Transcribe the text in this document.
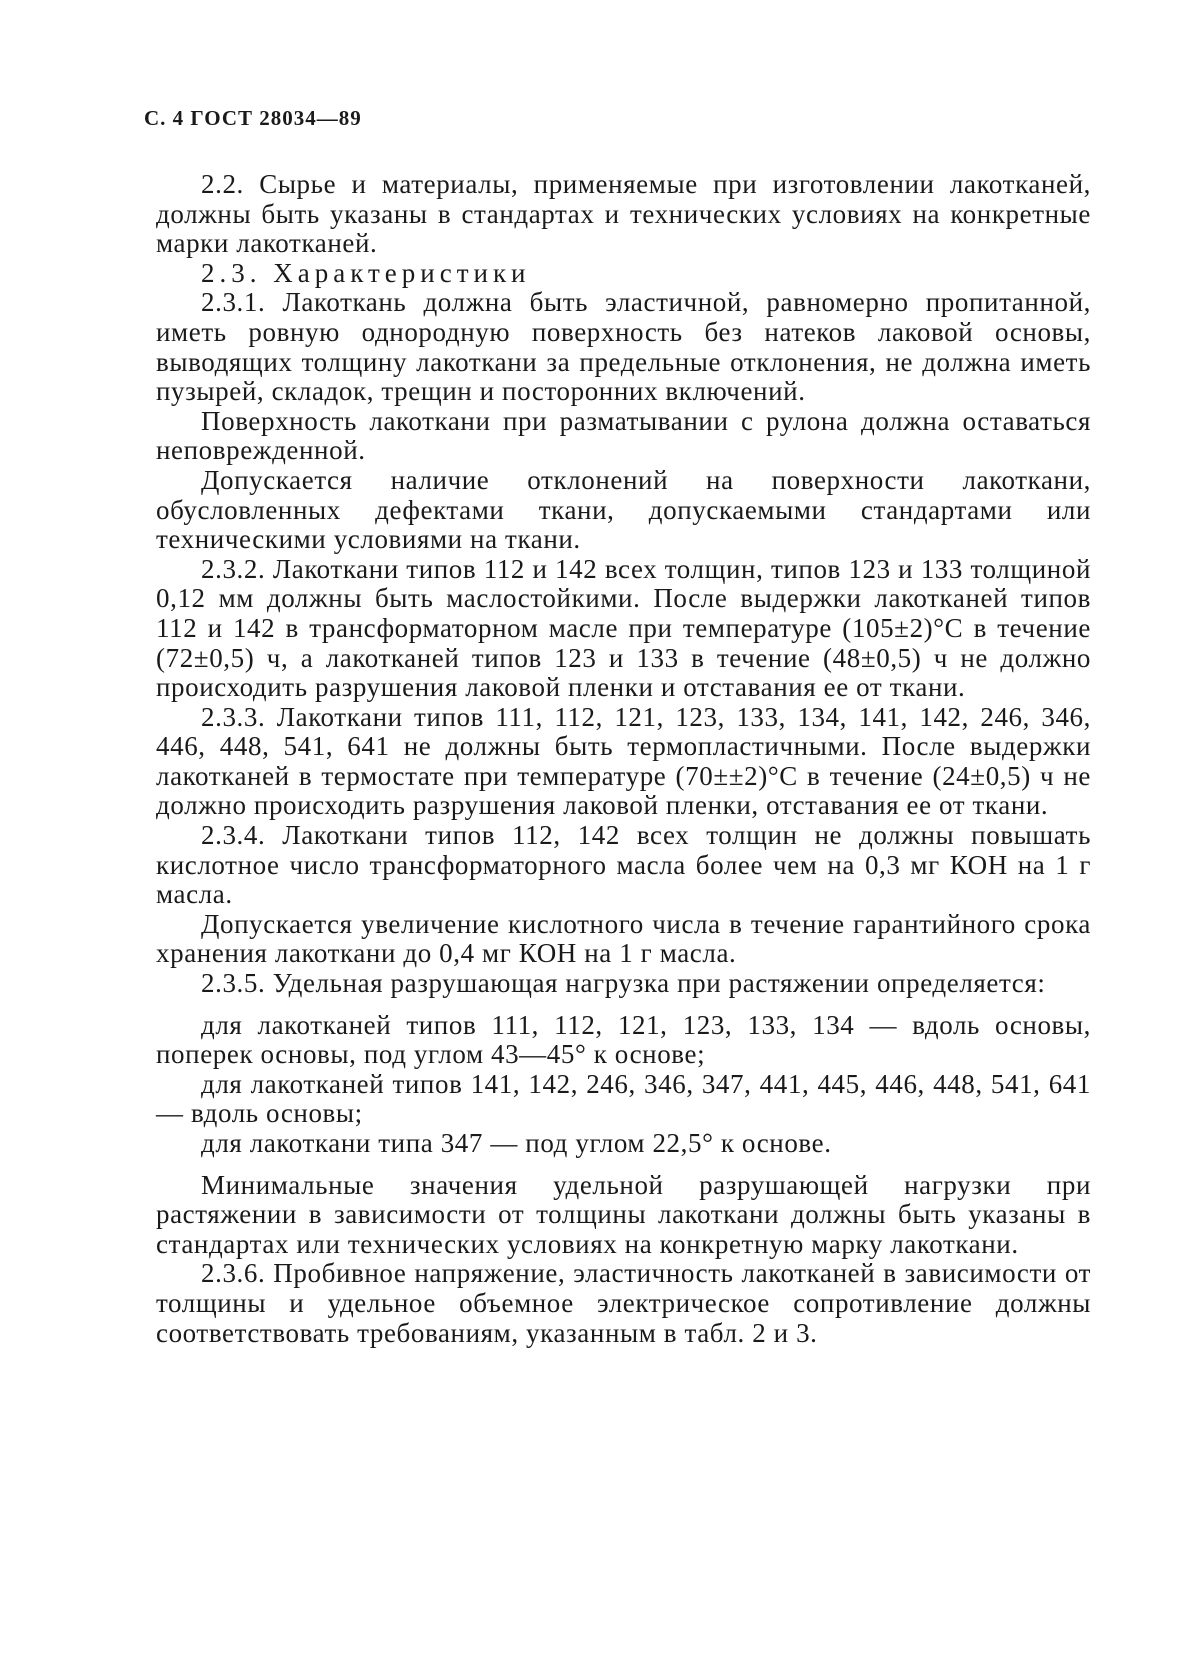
С. 4 ГОСТ 28034—89

2.2. Сырье и материалы, применяемые при изготовлении лакотканей, должны быть указаны в стандартах и технических условиях на конкретные марки лакотканей.

2.3. Характеристики

2.3.1. Лакоткань должна быть эластичной, равномерно пропитанной, иметь ровную однородную поверхность без натеков лаковой основы, выводящих толщину лакоткани за предельные отклонения, не должна иметь пузырей, складок, трещин и посторонних включений.

Поверхность лакоткани при разматывании с рулона должна оставаться неповрежденной.

Допускается наличие отклонений на поверхности лакоткани, обусловленных дефектами ткани, допускаемыми стандартами или техническими условиями на ткани.

2.3.2. Лакоткани типов 112 и 142 всех толщин, типов 123 и 133 толщиной 0,12 мм должны быть маслостойкими. После выдержки лакотканей типов 112 и 142 в трансформаторном масле при температуре (105±2)°С в течение (72±0,5) ч, а лакотканей типов 123 и 133 в течение (48±0,5) ч не должно происходить разрушения лаковой пленки и отставания ее от ткани.

2.3.3. Лакоткани типов 111, 112, 121, 123, 133, 134, 141, 142, 246, 346, 446, 448, 541, 641 не должны быть термопластичными. После выдержки лакотканей в термостате при температуре (70±±2)°С в течение (24±0,5) ч не должно происходить разрушения лаковой пленки, отставания ее от ткани.

2.3.4. Лакоткани типов 112, 142 всех толщин не должны повышать кислотное число трансформаторного масла более чем на 0,3 мг КОН на 1 г масла.

Допускается увеличение кислотного числа в течение гарантийного срока хранения лакоткани до 0,4 мг КОН на 1 г масла.

2.3.5. Удельная разрушающая нагрузка при растяжении определяется:

для лакотканей типов 111, 112, 121, 123, 133, 134 — вдоль основы, поперек основы, под углом 43—45° к основе;

для лакотканей типов 141, 142, 246, 346, 347, 441, 445, 446, 448, 541, 641 — вдоль основы;

для лакоткани типа 347 — под углом 22,5° к основе.

Минимальные значения удельной разрушающей нагрузки при растяжении в зависимости от толщины лакоткани должны быть указаны в стандартах или технических условиях на конкретную марку лакоткани.

2.3.6. Пробивное напряжение, эластичность лакотканей в зависимости от толщины и удельное объемное электрическое сопротивление должны соответствовать требованиям, указанным в табл. 2 и 3.
